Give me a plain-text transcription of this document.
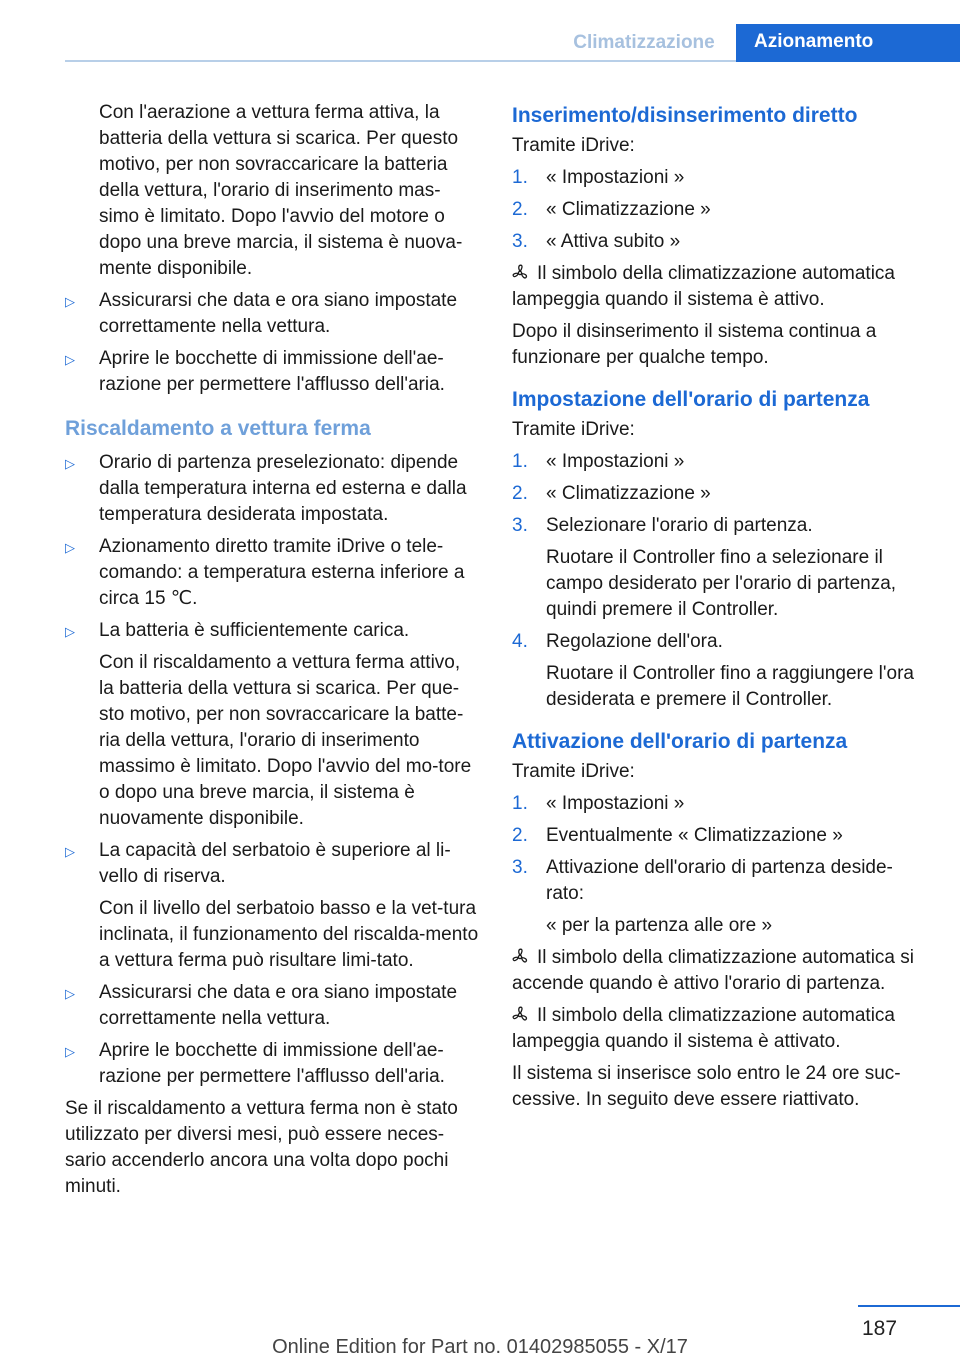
Climatizzazione	Azionamento

Con l'aerazione a vettura ferma attiva, la batteria della vettura si scarica. Per questo motivo, per non sovraccaricare la batteria della vettura, l'orario di inserimento mas‐simo è limitato. Dopo l'avvio del motore o dopo una breve marcia, il sistema è nuova‐mente disponibile.

▷ Assicurarsi che data e ora siano impostate correttamente nella vettura.

▷ Aprire le bocchette di immissione dell'ae‐razione per permettere l'afflusso dell'aria.

Riscaldamento a vettura ferma
▷ Orario di partenza preselezionato: dipende dalla temperatura interna ed esterna e dalla temperatura desiderata impostata.

▷ Azionamento diretto tramite iDrive o tele‐comando: a temperatura esterna inferiore a circa 15 ℃.

▷ La batteria è sufficientemente carica.

Con il riscaldamento a vettura ferma attivo, la batteria della vettura si scarica. Per que‐sto motivo, per non sovraccaricare la batte‐ria della vettura, l'orario di inserimento massimo è limitato. Dopo l'avvio del mo‐tore o dopo una breve marcia, il sistema è nuovamente disponibile.

▷ La capacità del serbatoio è superiore al li‐vello di riserva.

Con il livello del serbatoio basso e la vet‐tura inclinata, il funzionamento del riscalda‐mento a vettura ferma può risultare limi‐tato.

▷ Assicurarsi che data e ora siano impostate correttamente nella vettura.

▷ Aprire le bocchette di immissione dell'ae‐razione per permettere l'afflusso dell'aria.

Se il riscaldamento a vettura ferma non è stato utilizzato per diversi mesi, può essere neces‐sario accenderlo ancora una volta dopo pochi minuti.

Inserimento/disinserimento diretto

Tramite iDrive:

1. « Impostazioni »

2. « Climatizzazione »

3. « Attiva subito »

Il simbolo della climatizzazione automatica lampeggia quando il sistema è attivo.

Dopo il disinserimento il sistema continua a funzionare per qualche tempo.

Impostazione dell'orario di partenza

Tramite iDrive:

1. « Impostazioni »

2. « Climatizzazione »

3. Selezionare l'orario di partenza.

Ruotare il Controller fino a selezionare il campo desiderato per l'orario di partenza, quindi premere il Controller.

4. Regolazione dell'ora.

Ruotare il Controller fino a raggiungere l'ora desiderata e premere il Controller.

Attivazione dell'orario di partenza

Tramite iDrive:

1. « Impostazioni »

2. Eventualmente « Climatizzazione »

3. Attivazione dell'orario di partenza deside‐rato:

« per la partenza alle ore »

Il simbolo della climatizzazione automatica si accende quando è attivo l'orario di partenza.

Il simbolo della climatizzazione automatica lampeggia quando il sistema è attivato.

Il sistema si inserisce solo entro le 24 ore suc‐cessive. In seguito deve essere riattivato.

187
Online Edition for Part no. 01402985055 - X/17
